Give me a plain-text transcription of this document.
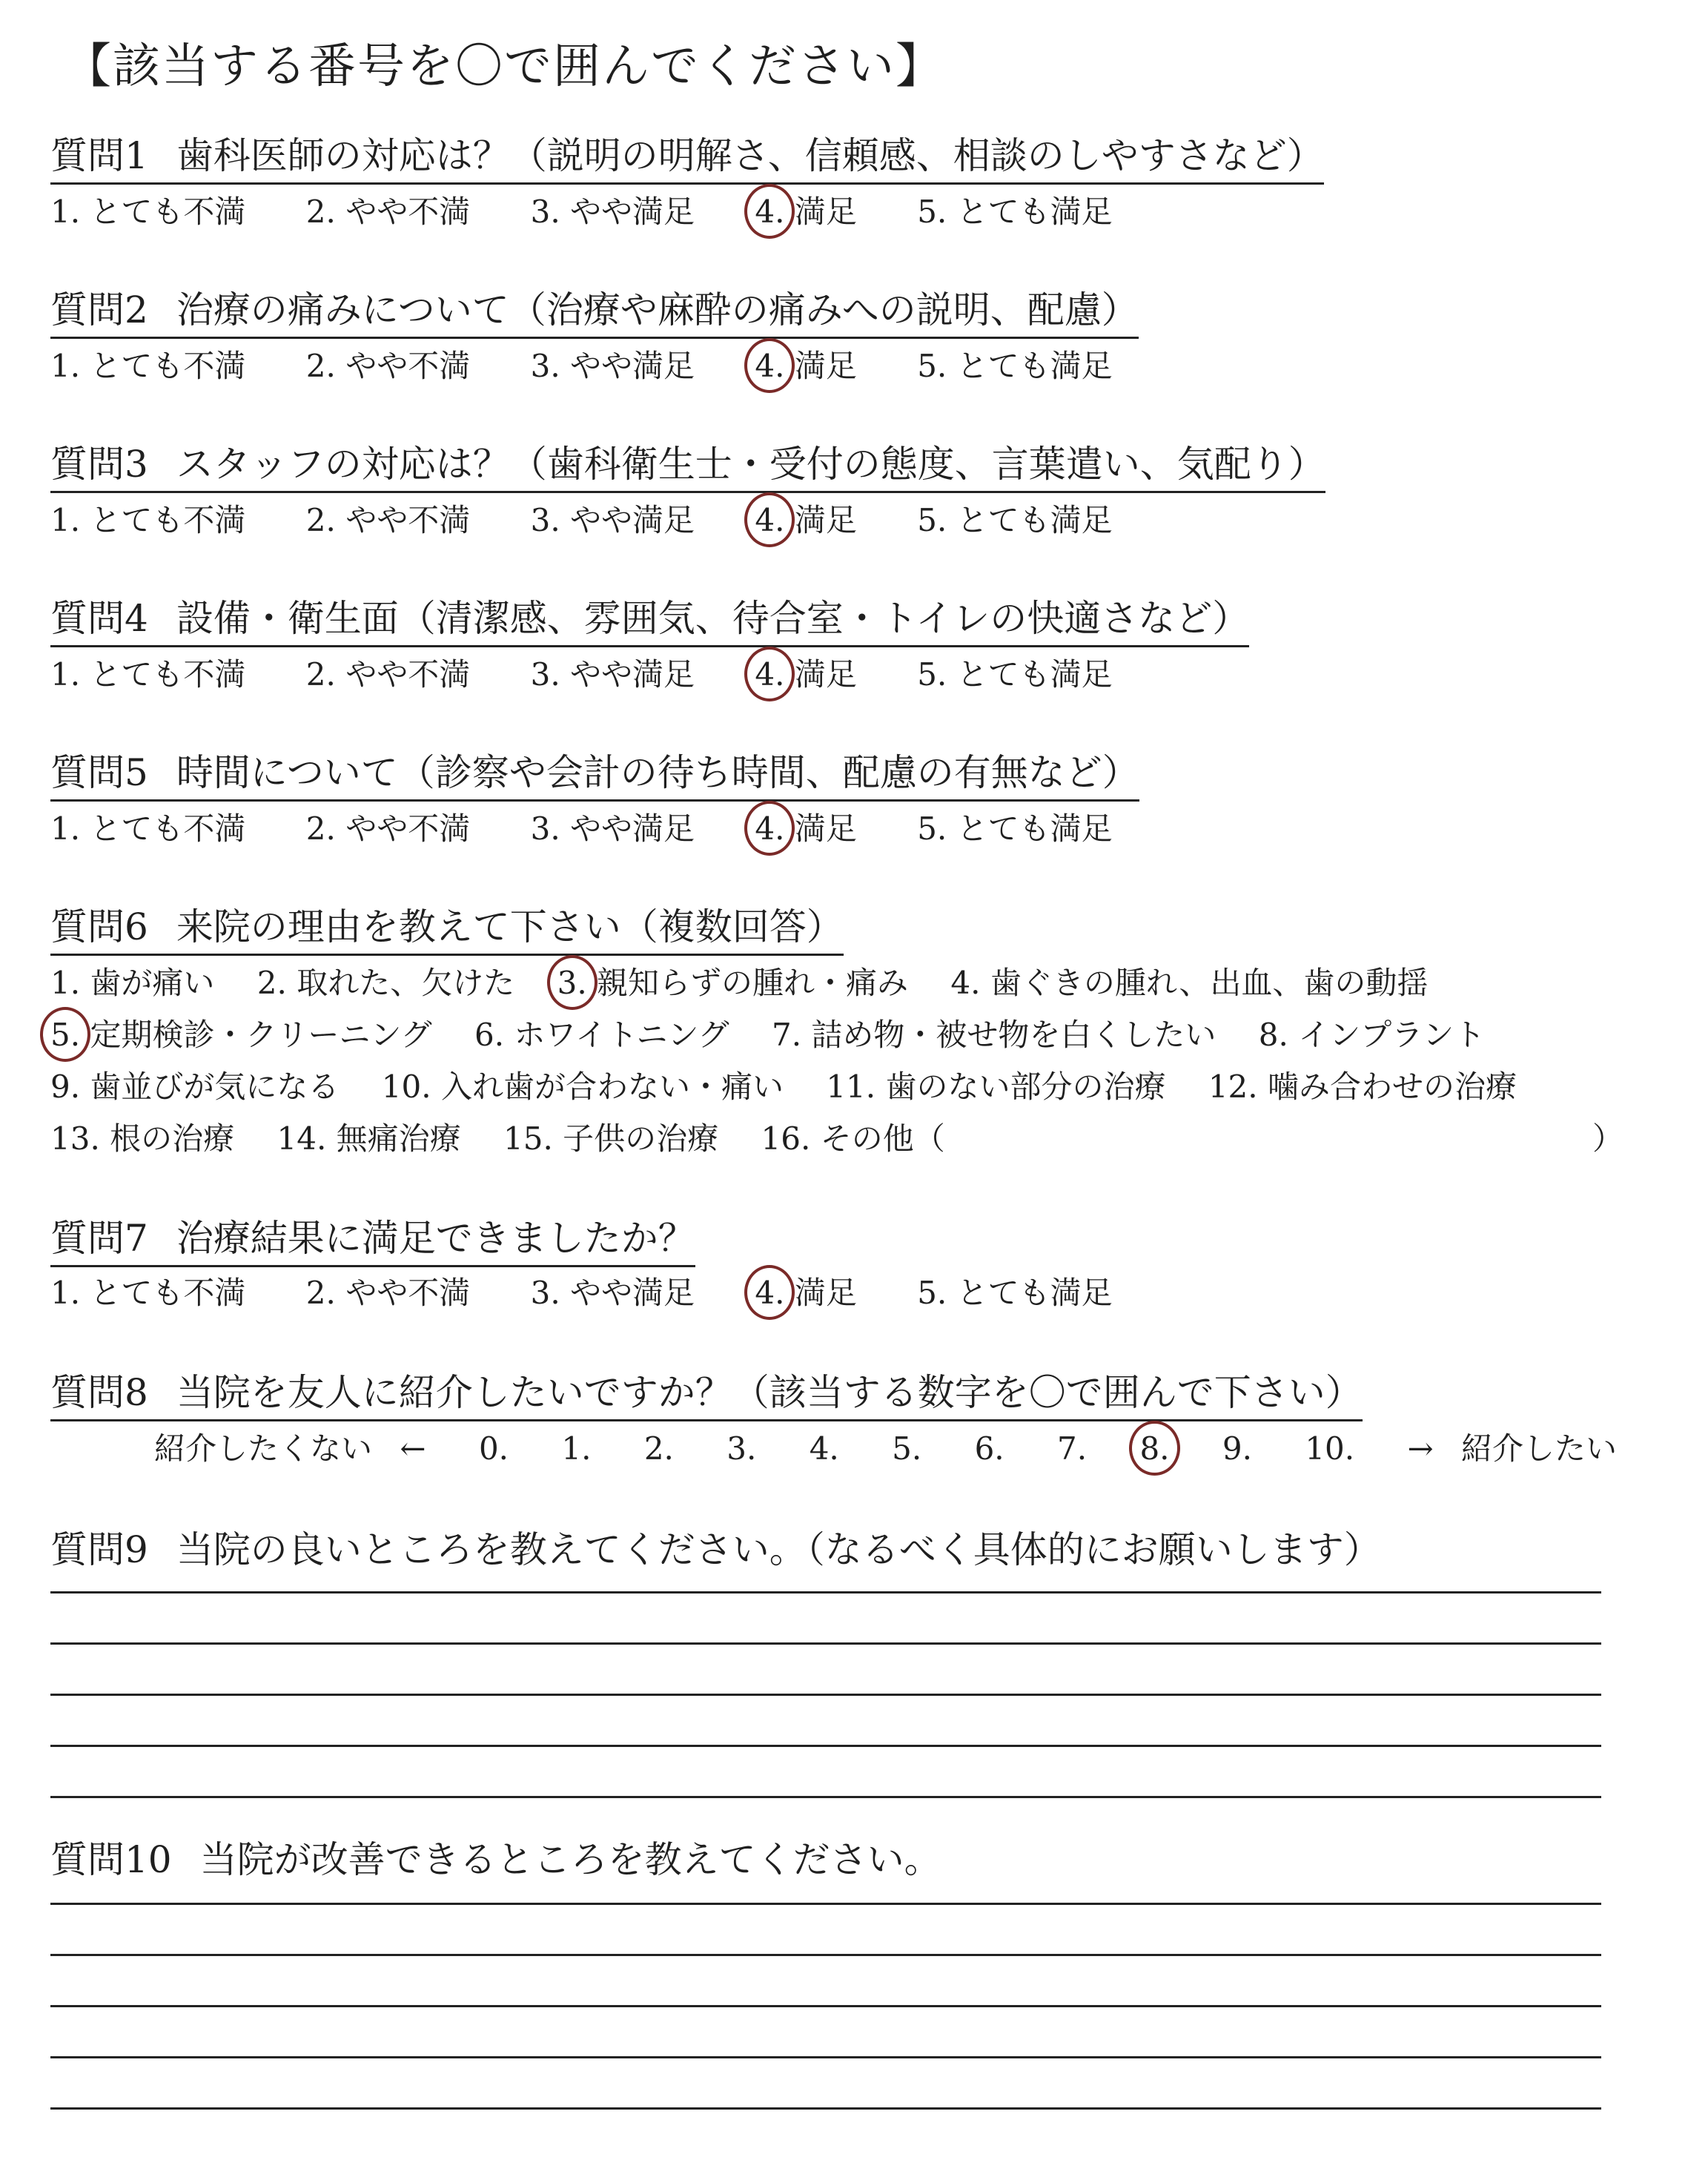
【該当する番号を〇で囲んでください】
質問1 歯科医師の対応は？（説明の明解さ、信頼感、相談のしやすさなど）
1. とても不満 2. やや不満 3. やや満足 4. 満足 5. とても満足
質問2 治療の痛みについて（治療や麻酔の痛みへの説明、配慮）
1. とても不満 2. やや不満 3. やや満足 4. 満足 5. とても満足
質問3 スタッフの対応は？（歯科衛生士・受付の態度、言葉遣い、気配り）
1. とても不満 2. やや不満 3. やや満足 4. 満足 5. とても満足
質問4 設備・衛生面（清潔感、雰囲気、待合室・トイレの快適さなど）
1. とても不満 2. やや不満 3. やや満足 4. 満足 5. とても満足
質問5 時間について（診察や会計の待ち時間、配慮の有無など）
1. とても不満 2. やや不満 3. やや満足 4. 満足 5. とても満足
質問6 来院の理由を教えて下さい（複数回答）
1. 歯が痛い 2. 取れた、欠けた 3. 親知らずの腫れ・痛み 4. 歯ぐきの腫れ、出血、歯の動揺
5. 定期検診・クリーニング 6. ホワイトニング 7. 詰め物・被せ物を白くしたい 8. インプラント
9. 歯並びが気になる 10. 入れ歯が合わない・痛い 11. 歯のない部分の治療 12. 噛み合わせの治療
13. 根の治療 14. 無痛治療 15. 子供の治療 16. その他（	）
質問7 治療結果に満足できましたか？
1. とても不満 2. やや不満 3. やや満足 4. 満足 5. とても満足
質問8 当院を友人に紹介したいですか？（該当する数字を〇で囲んで下さい）
紹介したくない ← 0. 1. 2. 3. 4. 5. 6. 7. 8. 9. 10. → 紹介したい
質問9 当院の良いところを教えてください。（なるべく具体的にお願いします）
質問10 当院が改善できるところを教えてください。
